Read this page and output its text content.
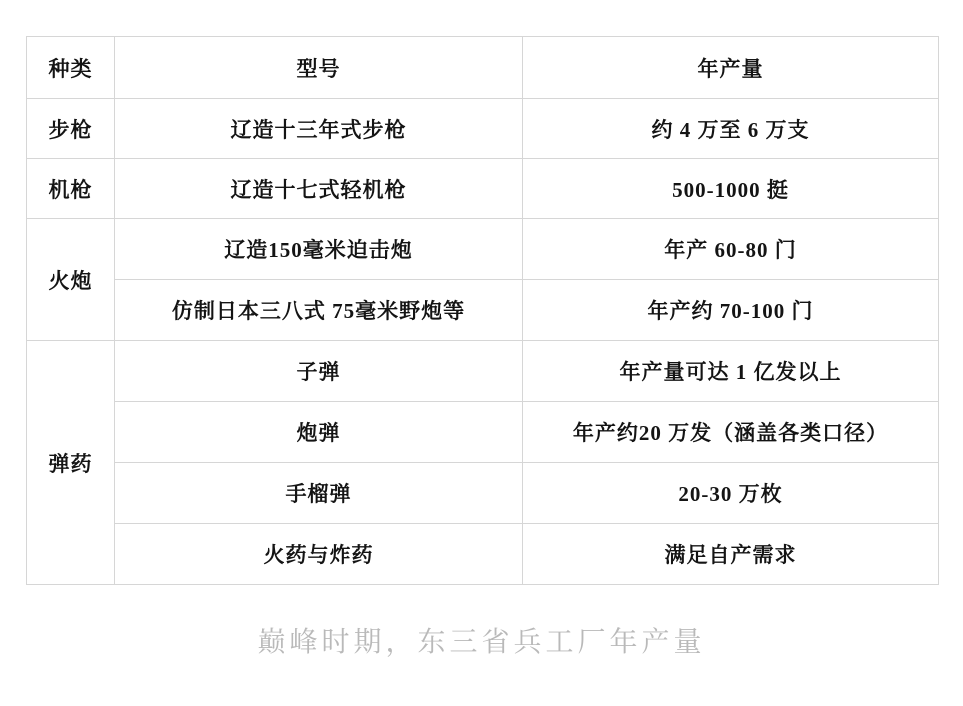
种类	型号	年产量
步枪	辽造十三年式步枪	约 4 万至 6 万支
机枪	辽造十七式轻机枪	500-1000 挺
火炮	辽造150毫米迫击炮	年产 60-80 门
	仿制日本三八式 75毫米野炮等	年产约 70-100 门
弹药	子弹	年产量可达 1 亿发以上
	炮弹	年产约20 万发（涵盖各类口径）
	手榴弹	20-30 万枚
	火药与炸药	满足自产需求
巅峰时期，东三省兵工厂年产量
